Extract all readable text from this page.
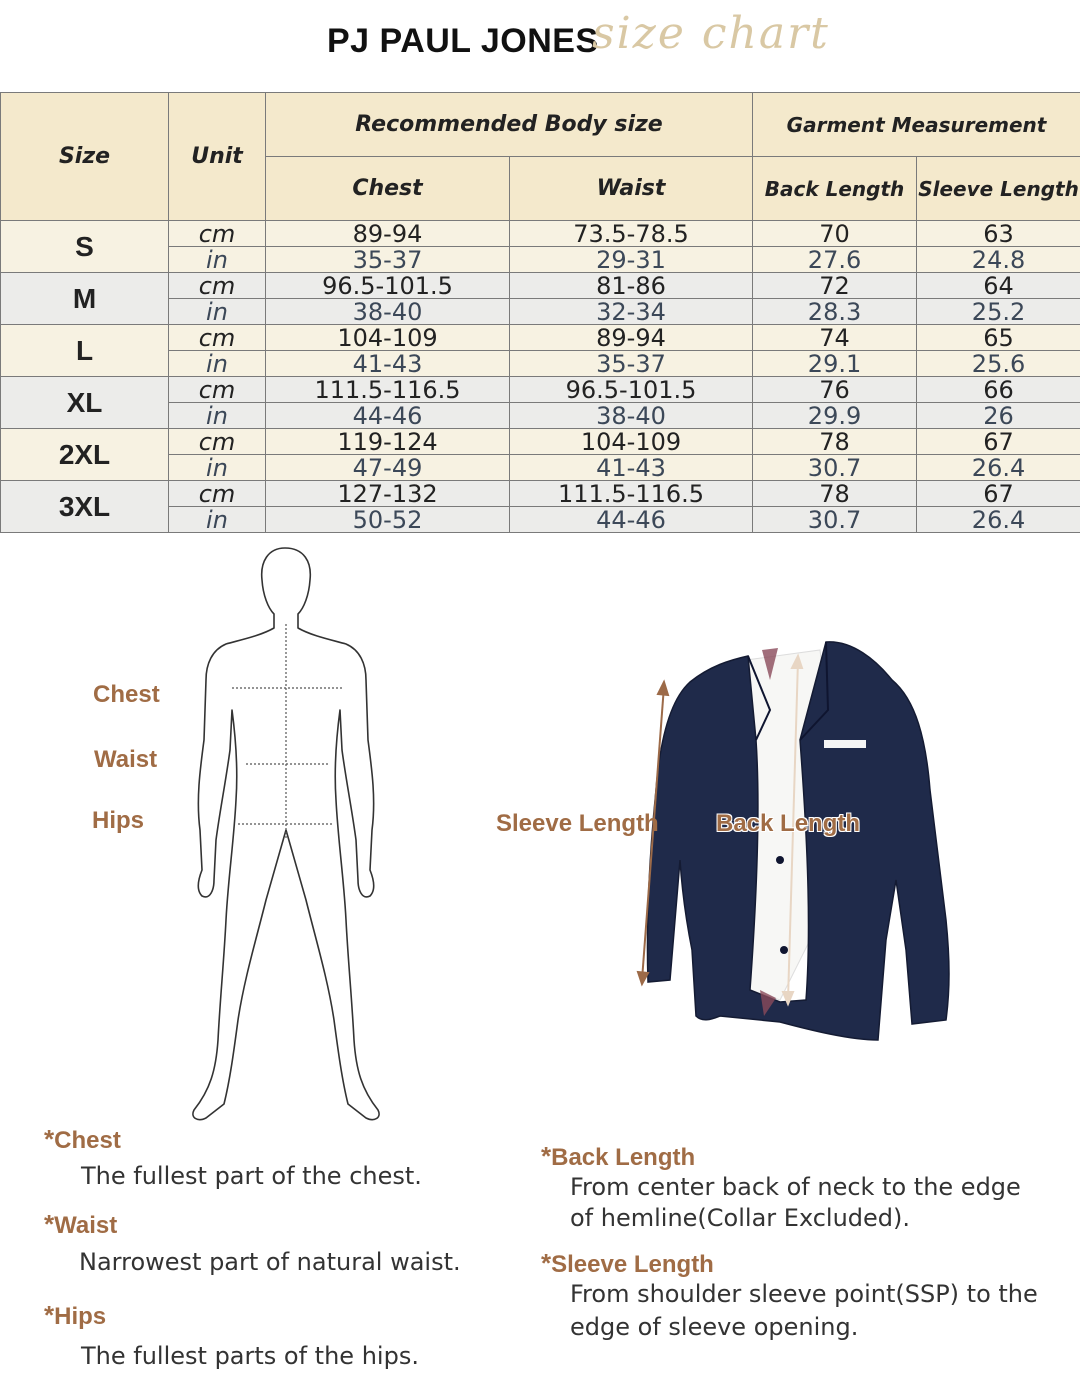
PJ PAUL JONES
size chart
Size	Unit	Recommended Body size		Garment Measurement	
		Chest	Waist	Back Length	Sleeve Length
S	cm	89-94	73.5-78.5	70	63
	in	35-37	29-31	27.6	24.8
M	cm	96.5-101.5	81-86	72	64
	in	38-40	32-34	28.3	25.2
L	cm	104-109	89-94	74	65
	in	41-43	35-37	29.1	25.6
XL	cm	111.5-116.5	96.5-101.5	76	66
	in	44-46	38-40	29.9	26
2XL	cm	119-124	104-109	78	67
	in	47-49	41-43	30.7	26.4
3XL	cm	127-132	111.5-116.5	78	67
	in	50-52	44-46	30.7	26.4
Chest
Waist
Hips	Sleeve Length Back Length
*Chest
The fullest part of the chest.
*Waist
Narrowest part of natural waist.
*Hips
The fullest parts of the hips.
*Back Length
From center back of neck to the edge
of hemline(Collar Excluded).
*Sleeve Length
From shoulder sleeve point(SSP) to the
edge of sleeve opening.
